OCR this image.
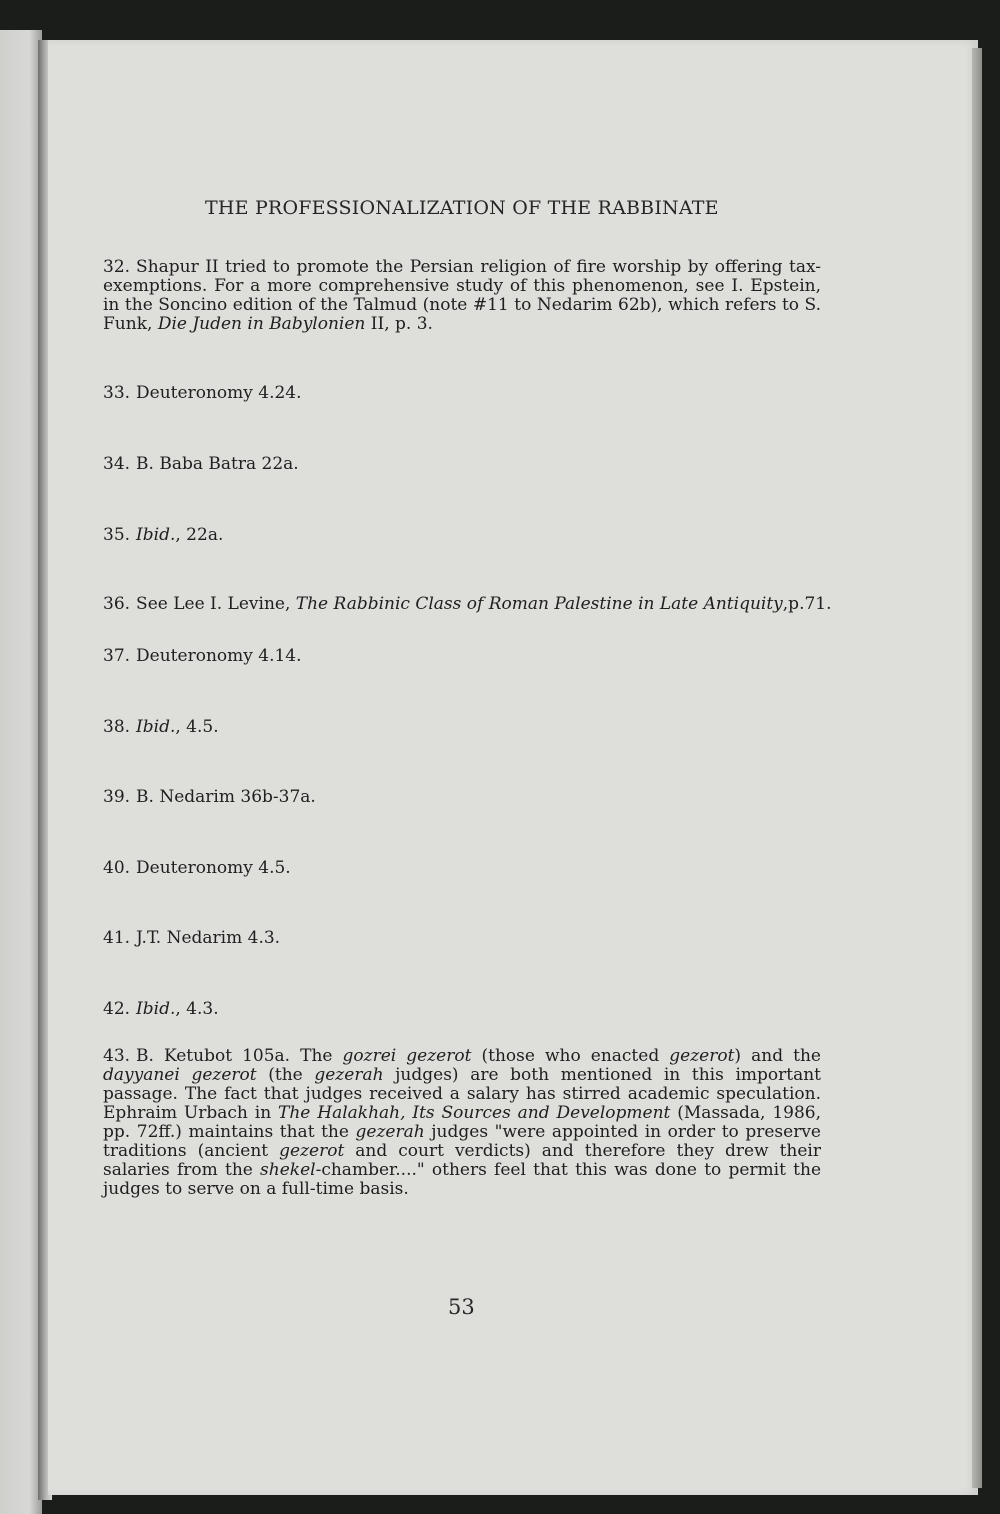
THE PROFESSIONALIZATION OF THE RABBINATE
32. Shapur II tried to promote the Persian religion of fire worship by offering tax-exemptions. For a more comprehensive study of this phenomenon, see I. Epstein, in the Soncino edition of the Talmud (note #11 to Nedarim 62b), which refers to S. Funk, Die Juden in Babylonien II, p. 3.
33. Deuteronomy 4.24.
34. B. Baba Batra 22a.
35. Ibid., 22a.
36. See Lee I. Levine, The Rabbinic Class of Roman Palestine in Late Antiquity,p.71.
37. Deuteronomy 4.14.
38. Ibid., 4.5.
39. B. Nedarim 36b-37a.
40. Deuteronomy 4.5.
41. J.T. Nedarim 4.3.
42. Ibid., 4.3.
43. B. Ketubot 105a. The gozrei gezerot (those who enacted gezerot) and the dayyanei gezerot (the gezerah judges) are both mentioned in this important passage. The fact that judges received a salary has stirred academic speculation. Ephraim Urbach in The Halakhah, Its Sources and Development (Massada, 1986, pp. 72ff.) maintains that the gezerah judges "were appointed in order to preserve traditions (ancient gezerot and court verdicts) and therefore they drew their salaries from the shekel-chamber...." others feel that this was done to permit the judges to serve on a full-time basis.
53
